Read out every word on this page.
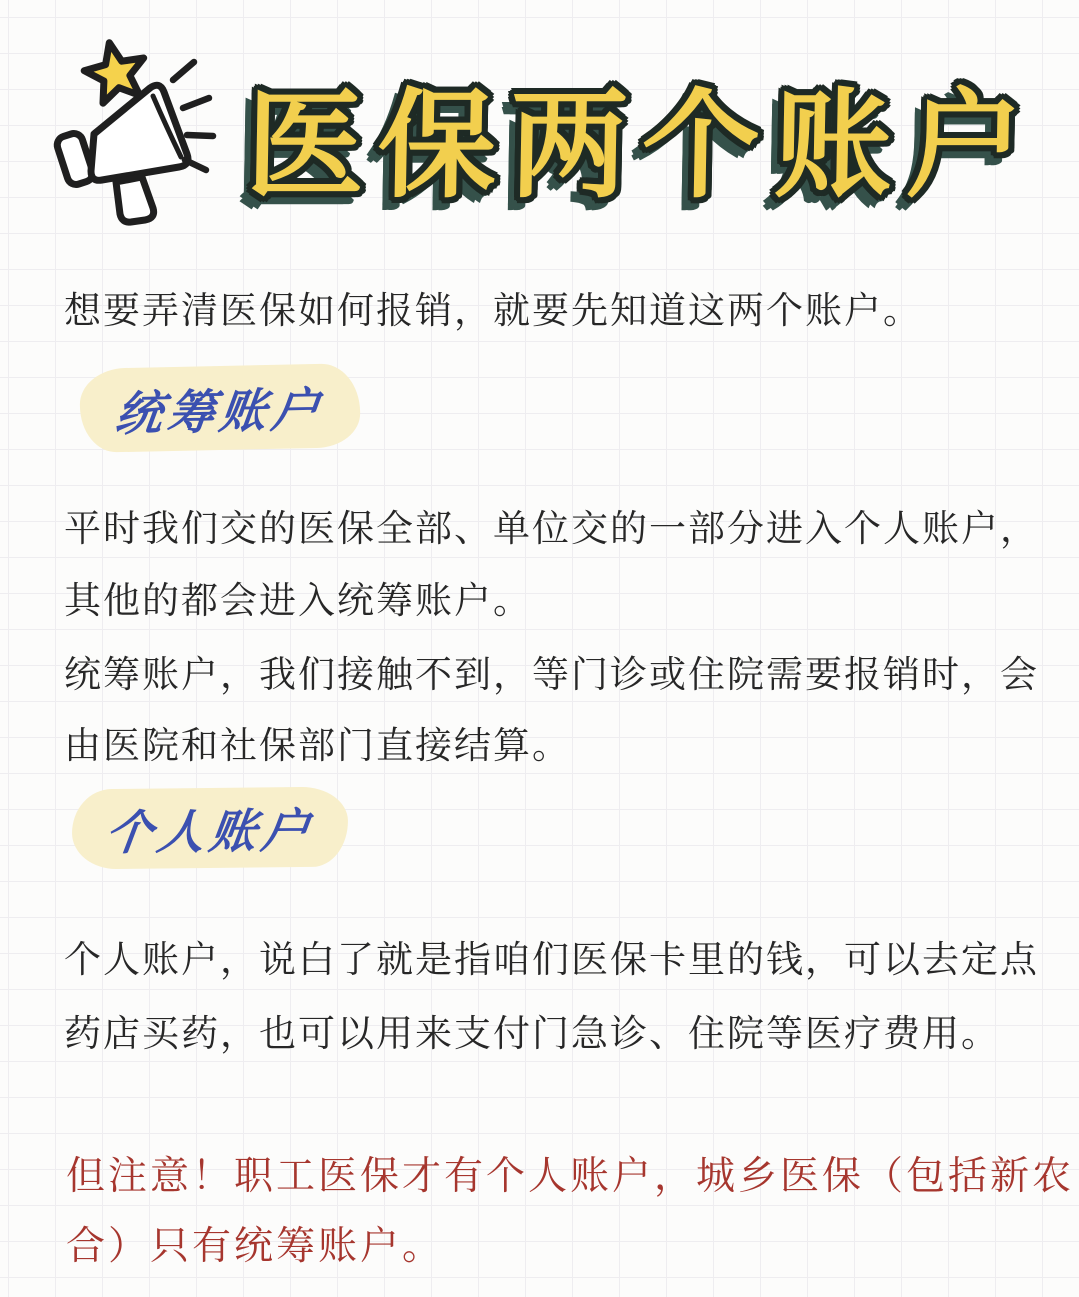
医保两个账户
想要弄清医保如何报销，就要先知道这两个账户。
统筹账户
平时我们交的医保全部、单位交的一部分进入个人账户，
其他的都会进入统筹账户。
统筹账户，我们接触不到，等门诊或住院需要报销时，会
由医院和社保部门直接结算。
个人账户
个人账户，说白了就是指咱们医保卡里的钱，可以去定点
药店买药，也可以用来支付门急诊、住院等医疗费用。
但注意！职工医保才有个人账户，城乡医保（包括新农
合）只有统筹账户。
